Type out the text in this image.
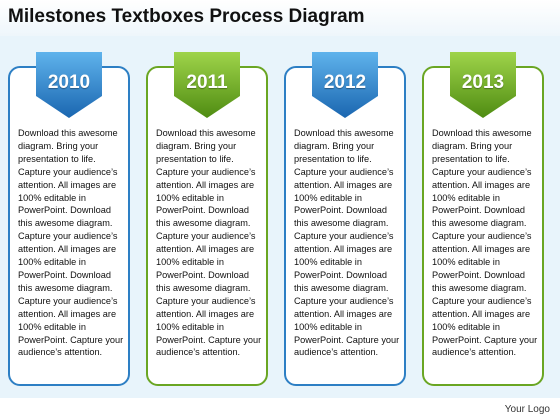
Milestones Textboxes Process Diagram
Download this awesome diagram. Bring your presentation to life. Capture your audience’s attention. All images are 100% editable in PowerPoint. Download this awesome diagram. Capture your audience’s attention. All images are 100% editable in PowerPoint. Download this awesome diagram. Capture your audience’s attention. All images are 100% editable in PowerPoint. Capture your audience’s attention.
2010
Download this awesome diagram. Bring your presentation to life. Capture your audience’s attention. All images are 100% editable in PowerPoint. Download this awesome diagram. Capture your audience’s attention. All images are 100% editable in PowerPoint. Download this awesome diagram. Capture your audience’s attention. All images are 100% editable in PowerPoint. Capture your audience’s attention.
2011
Download this awesome diagram. Bring your presentation to life. Capture your audience’s attention. All images are 100% editable in PowerPoint. Download this awesome diagram. Capture your audience’s attention. All images are 100% editable in PowerPoint. Download this awesome diagram. Capture your audience’s attention. All images are 100% editable in PowerPoint. Capture your audience’s attention.
2012
Download this awesome diagram. Bring your presentation to life. Capture your audience’s attention. All images are 100% editable in PowerPoint. Download this awesome diagram. Capture your audience’s attention. All images are 100% editable in PowerPoint. Download this awesome diagram. Capture your audience’s attention. All images are 100% editable in PowerPoint. Capture your audience’s attention.
2013
Your Logo
